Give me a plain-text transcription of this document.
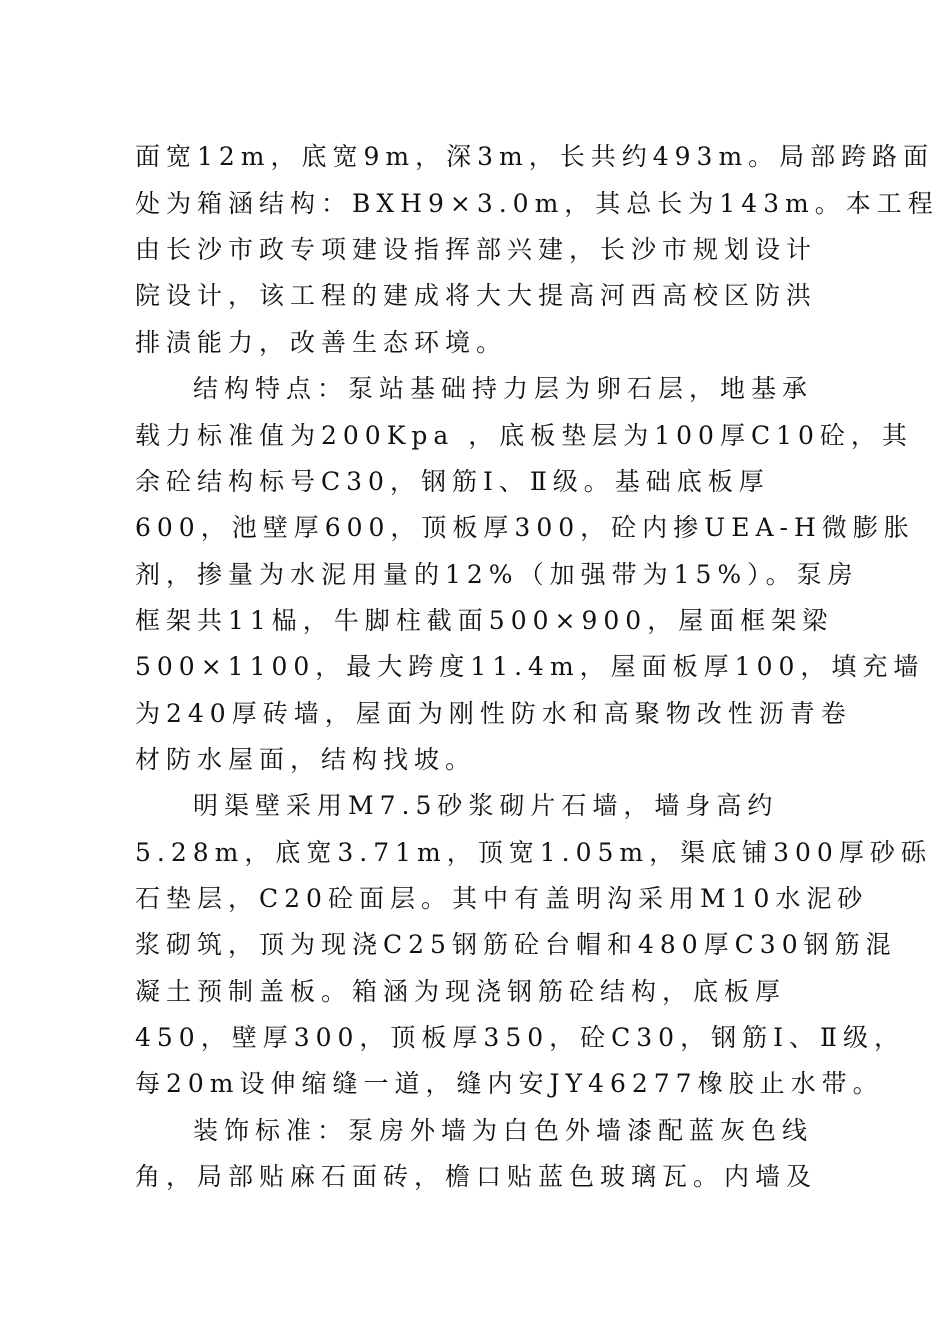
面宽12m，底宽9m，深3m，长共约493m。局部跨路面
处为箱涵结构：BXH9×3.0m，其总长为143m。本工程
由长沙市政专项建设指挥部兴建，长沙市规划设计
院设计，该工程的建成将大大提高河西高校区防洪
排渍能力，改善生态环境。
结构特点：泵站基础持力层为卵石层，地基承
载力标准值为200Kpa ，底板垫层为100厚C10砼，其
余砼结构标号C30，钢筋Ⅰ、Ⅱ级。基础底板厚
600，池壁厚600，顶板厚300，砼内掺UEA-H微膨胀
剂，掺量为水泥用量的12%（加强带为15%）。泵房
框架共11榀，牛脚柱截面500×900，屋面框架梁
500×1100，最大跨度11.4m，屋面板厚100，填充墙
为240厚砖墙，屋面为刚性防水和高聚物改性沥青卷
材防水屋面，结构找坡。
明渠壁采用M7.5砂浆砌片石墙，墙身高约
5.28m，底宽3.71m，顶宽1.05m，渠底铺300厚砂砾
石垫层，C20砼面层。其中有盖明沟采用M10水泥砂
浆砌筑，顶为现浇C25钢筋砼台帽和480厚C30钢筋混
凝土预制盖板。箱涵为现浇钢筋砼结构，底板厚
450，壁厚300，顶板厚350，砼C30，钢筋Ⅰ、Ⅱ级，
每20m设伸缩缝一道，缝内安JY46277橡胶止水带。
装饰标准：泵房外墙为白色外墙漆配蓝灰色线
角，局部贴麻石面砖，檐口贴蓝色玻璃瓦。内墙及
